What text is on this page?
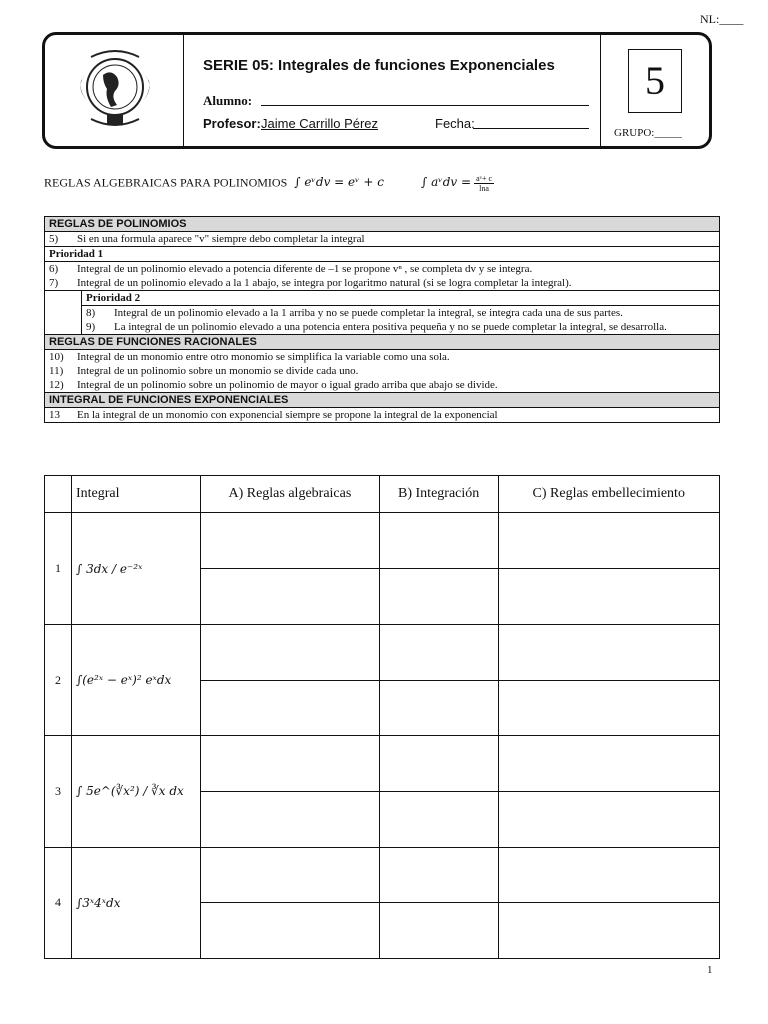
NL:____
SERIE 05: Integrales de funciones Exponenciales
Alumno:
Profesor: Jaime Carrillo Pérez	Fecha:
5
GRUPO:_____
REGLAS ALGEBRAICAS PARA POLINOMIOS ∫ eᵛdv = eᵛ + c	∫ aᵛdv = $\frac{\text{aᵛ+ c}}{\ln a}$
REGLAS DE POLINOMIOS

5)	Si en una formula aparece "v" siempre debo completar la integral

Prioridad 1

6)	Integral de un polinomio elevado a potencia diferente de –1 se propone vⁿ , se completa dv y se integra.
7)	Integral de un polinomio elevado a la 1 abajo, se integra por logaritmo natural (si se logra completar la integral).

	Prioridad 2

8)	Integral de un polinomio elevado a la 1 arriba y no se puede completar la integral, se integra cada una de sus partes.
9)	La integral de un polinomio elevado a una potencia entera positiva pequeña y no se puede completar la integral, se desarrolla.

REGLAS DE FUNCIONES RACIONALES

10)	Integral de un monomio entre otro monomio se simplifica la variable como una sola.
11)	Integral de un polinomio sobre un monomio se divide cada uno.
12)	Integral de un polinomio sobre un polinomio de mayor o igual grado arriba que abajo se divide.

INTEGRAL DE FUNCIONES EXPONENCIALES

13	En la integral de un monomio con exponencial siempre se propone la integral de la exponencial
	Integral	A) Reglas algebraicas	B) Integración	C) Reglas embellecimiento
1	∫ 3dx / e⁻²ˣ			

2	∫(e²ˣ − eˣ)² eˣdx			

3	∫ 5e^(∛x²) / ∛x dx			

4	∫3ˣ4ˣdx			

1
